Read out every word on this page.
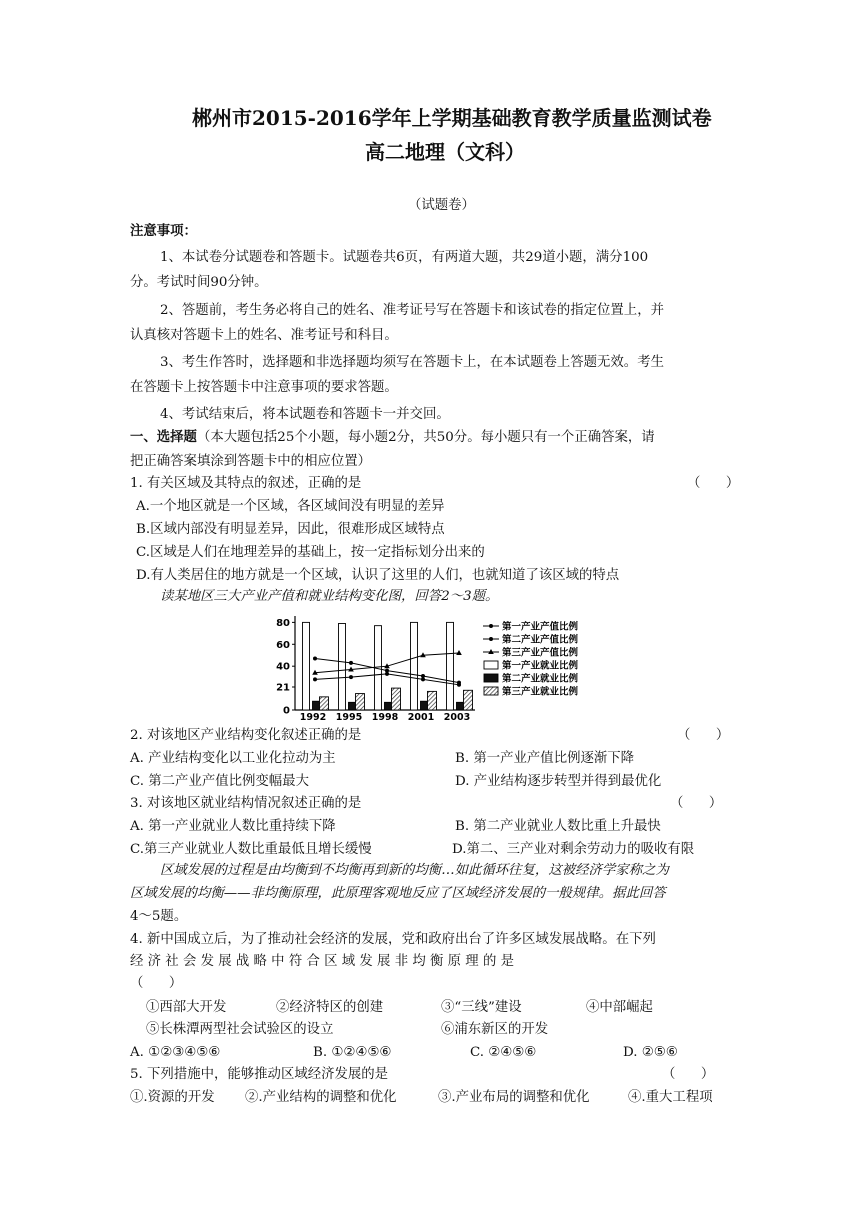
郴州市2015-2016学年上学期基础教育教学质量监测试卷
高二地理（文科）
（试题卷）
注意事项：
1、本试卷分试题卷和答题卡。试题卷共6页，有两道大题，共29道小题，满分100
分。考试时间90分钟。
2、答题前，考生务必将自己的姓名、准考证号写在答题卡和该试卷的指定位置上，并
认真核对答题卡上的姓名、准考证号和科目。
3、考生作答时，选择题和非选择题均须写在答题卡上，在本试题卷上答题无效。考生
在答题卡上按答题卡中注意事项的要求答题。
4、考试结束后，将本试题卷和答题卡一并交回。
一、选择题（本大题包括25个小题，每小题2分，共50分。每小题只有一个正确答案，请
把正确答案填涂到答题卡中的相应位置）
1. 有关区域及其特点的叙述，正确的是	（      ）
A.一个地区就是一个区域，各区域间没有明显的差异
B.区域内部没有明显差异，因此，很难形成区域特点
C.区域是人们在地理差异的基础上，按一定指标划分出来的
D.有人类居住的地方就是一个区域，认识了这里的人们，也就知道了该区域的特点
读某地区三大产业产值和就业结构变化图，回答2～3题。
80
60
40
21
0
1992 1995 1998 2001 2003
第一产业产值比例
第二产业产值比例
第三产业产值比例
第一产业就业比例
第二产业就业比例
第三产业就业比例
2. 对该地区产业结构变化叙述正确的是	（      ）
A. 产业结构变化以工业化拉动为主	B. 第一产业产值比例逐渐下降
C. 第二产业产值比例变幅最大	D. 产业结构逐步转型并得到最优化
3. 对该地区就业结构情况叙述正确的是	（      ）
A. 第一产业就业人数比重持续下降	B. 第二产业就业人数比重上升最快
C.第三产业就业人数比重最低且增长缓慢	D.第二、三产业对剩余劳动力的吸收有限
区域发展的过程是由均衡到不均衡再到新的均衡…如此循环往复，这被经济学家称之为
区域发展的均衡——非均衡原理，此原理客观地反应了区域经济发展的一般规律。据此回答
4～5题。
4. 新中国成立后，为了推动社会经济的发展，党和政府出台了许多区域发展战略。在下列
经 济 社 会 发 展 战 略 中 符 合 区 域 发 展 非 均 衡 原 理 的 是
（      ）
①西部大开发	②经济特区的创建	③“三线”建设	④中部崛起
⑤长株潭两型社会试验区的设立	⑥浦东新区的开发
A. ①②③④⑤⑥	B. ①②④⑤⑥	C. ②④⑤⑥	D. ②⑤⑥
5. 下列措施中，能够推动区域经济发展的是	（      ）
①.资源的开发 ②.产业结构的调整和优化	③.产业布局的调整和优化	④.重大工程项
